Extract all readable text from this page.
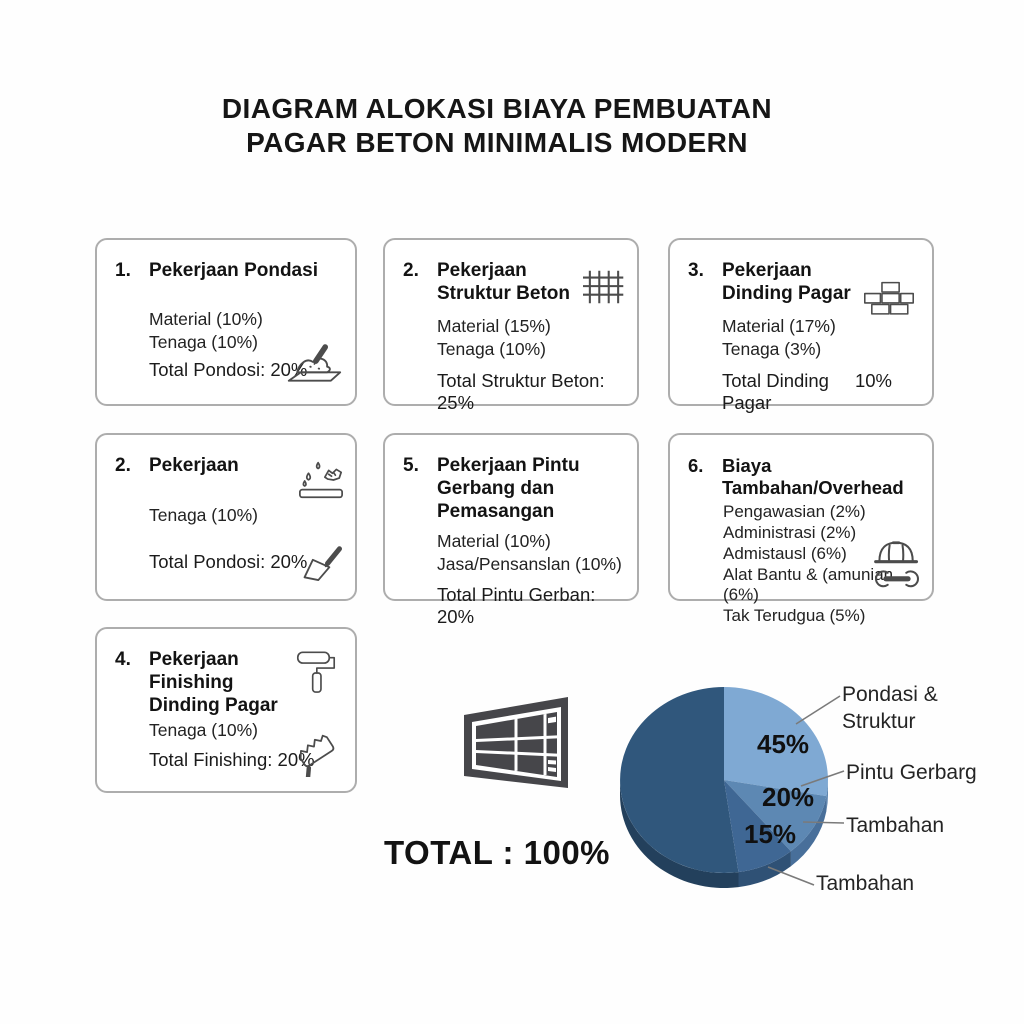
DIAGRAM ALOKASI BIAYA PEMBUATAN
PAGAR BETON MINIMALIS MODERN
1. Pekerjaan Pondasi
Material (10%)
Tenaga (10%)
Total Pondosi: 20%
2. Pekerjaan Struktur Beton
Material (15%)
Tenaga (10%)
Total Struktur Beton: 25%
3. Pekerjaan Dinding Pagar
Material (17%)
Tenaga (3%)
Total Dinding Pagar
10%
2. Pekerjaan
Tenaga (10%)
Total Pondosi: 20%
5. Pekerjaan Pintu Gerbang dan Pemasangan
Material (10%)
Jasa/Pensanslan (10%)
Total Pintu Gerban: 20%
6.	Biaya Tambahan/Overhead
Pengawasian (2%)
Administrasi (2%)
Admistausl (6%)
Alat Bantu & (amunian (6%)
Tak Terudgua (5%)
4. Pekerjaan Finishing Dinding Pagar
Tenaga (10%)
Total Finishing: 20%
TOTAL : 100%
45%
20%
15%
Pondasi & Struktur
Pintu Gerbarg
Tambahan
Tambahan
